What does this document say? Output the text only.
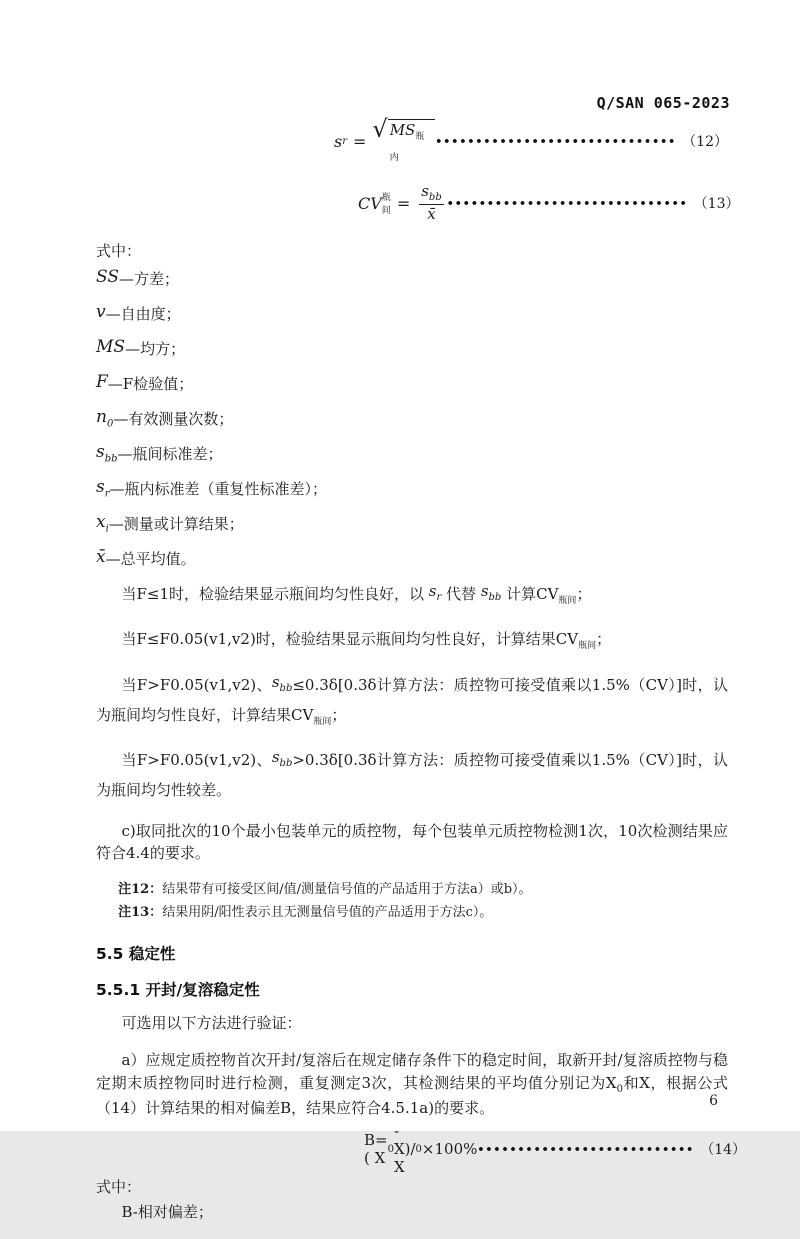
Q/SAN 065-2023
s r = √ $MS_{瓶内}$
•••••••••••••••••••••••••••••• （12）
CV 瓶间 = $\frac{s_{bb}}{x̄}$ •••••••••••••••••••••••••••••• （13）
式中：
SS —方差；
v —自由度；
MS —均方；
F —F检验值；
$n_0$ —有效测量次数；
$s_{bb}$ —瓶间标准差；
$s_r$ —瓶内标准差（重复性标准差）；
$x_i$ —测量或计算结果；
x̄ —总平均值。

当F≤1时，检验结果显示瓶间均匀性良好，以 $s_r$ 代替 $s_{bb}$ 计算$CV_{瓶间}$；

当F≤F0.05(v1,v2)时，检验结果显示瓶间均匀性良好，计算结果$CV_{瓶间}$；

当F>F0.05(v1,v2)、$s_{bb}\le 0.3\delta[0.3\delta$计算方法：质控物可接受值乘以1.5%（CV）]时，认为瓶间均匀性良好，计算结果$CV_{瓶间}$；

当F>F0.05(v1,v2)、$s_{bb}>0.3\delta[0.3\delta$计算方法：质控物可接受值乘以1.5%（CV）]时，认为瓶间均匀性较差。

c)取同批次的10个最小包装单元的质控物，每个包装单元质控物检测1次，10次检测结果应符合4.4的要求。

注12：结果带有可接受区间/值/测量信号值的产品适用于方法a）或b）。
注13：结果用阴/阳性表示且无测量信号值的产品适用于方法c）。
5.5 稳定性
5.5.1 开封/复溶稳定性

可选用以下方法进行验证：

a）应规定质控物首次开封/复溶后在规定储存条件下的稳定时间，取新开封/复溶质控物与稳定期末质控物同时进行检测，重复测定3次，其检测结果的平均值分别记为$X_0$和X，根据公式（14）计算结果的相对偏差B，结果应符合4.5.1a)的要求。

B=( X 0
-X)/ X
0 ×100% ••••••••••••••••••••••••••• （14）
式中：

B-相对偏差；

6
